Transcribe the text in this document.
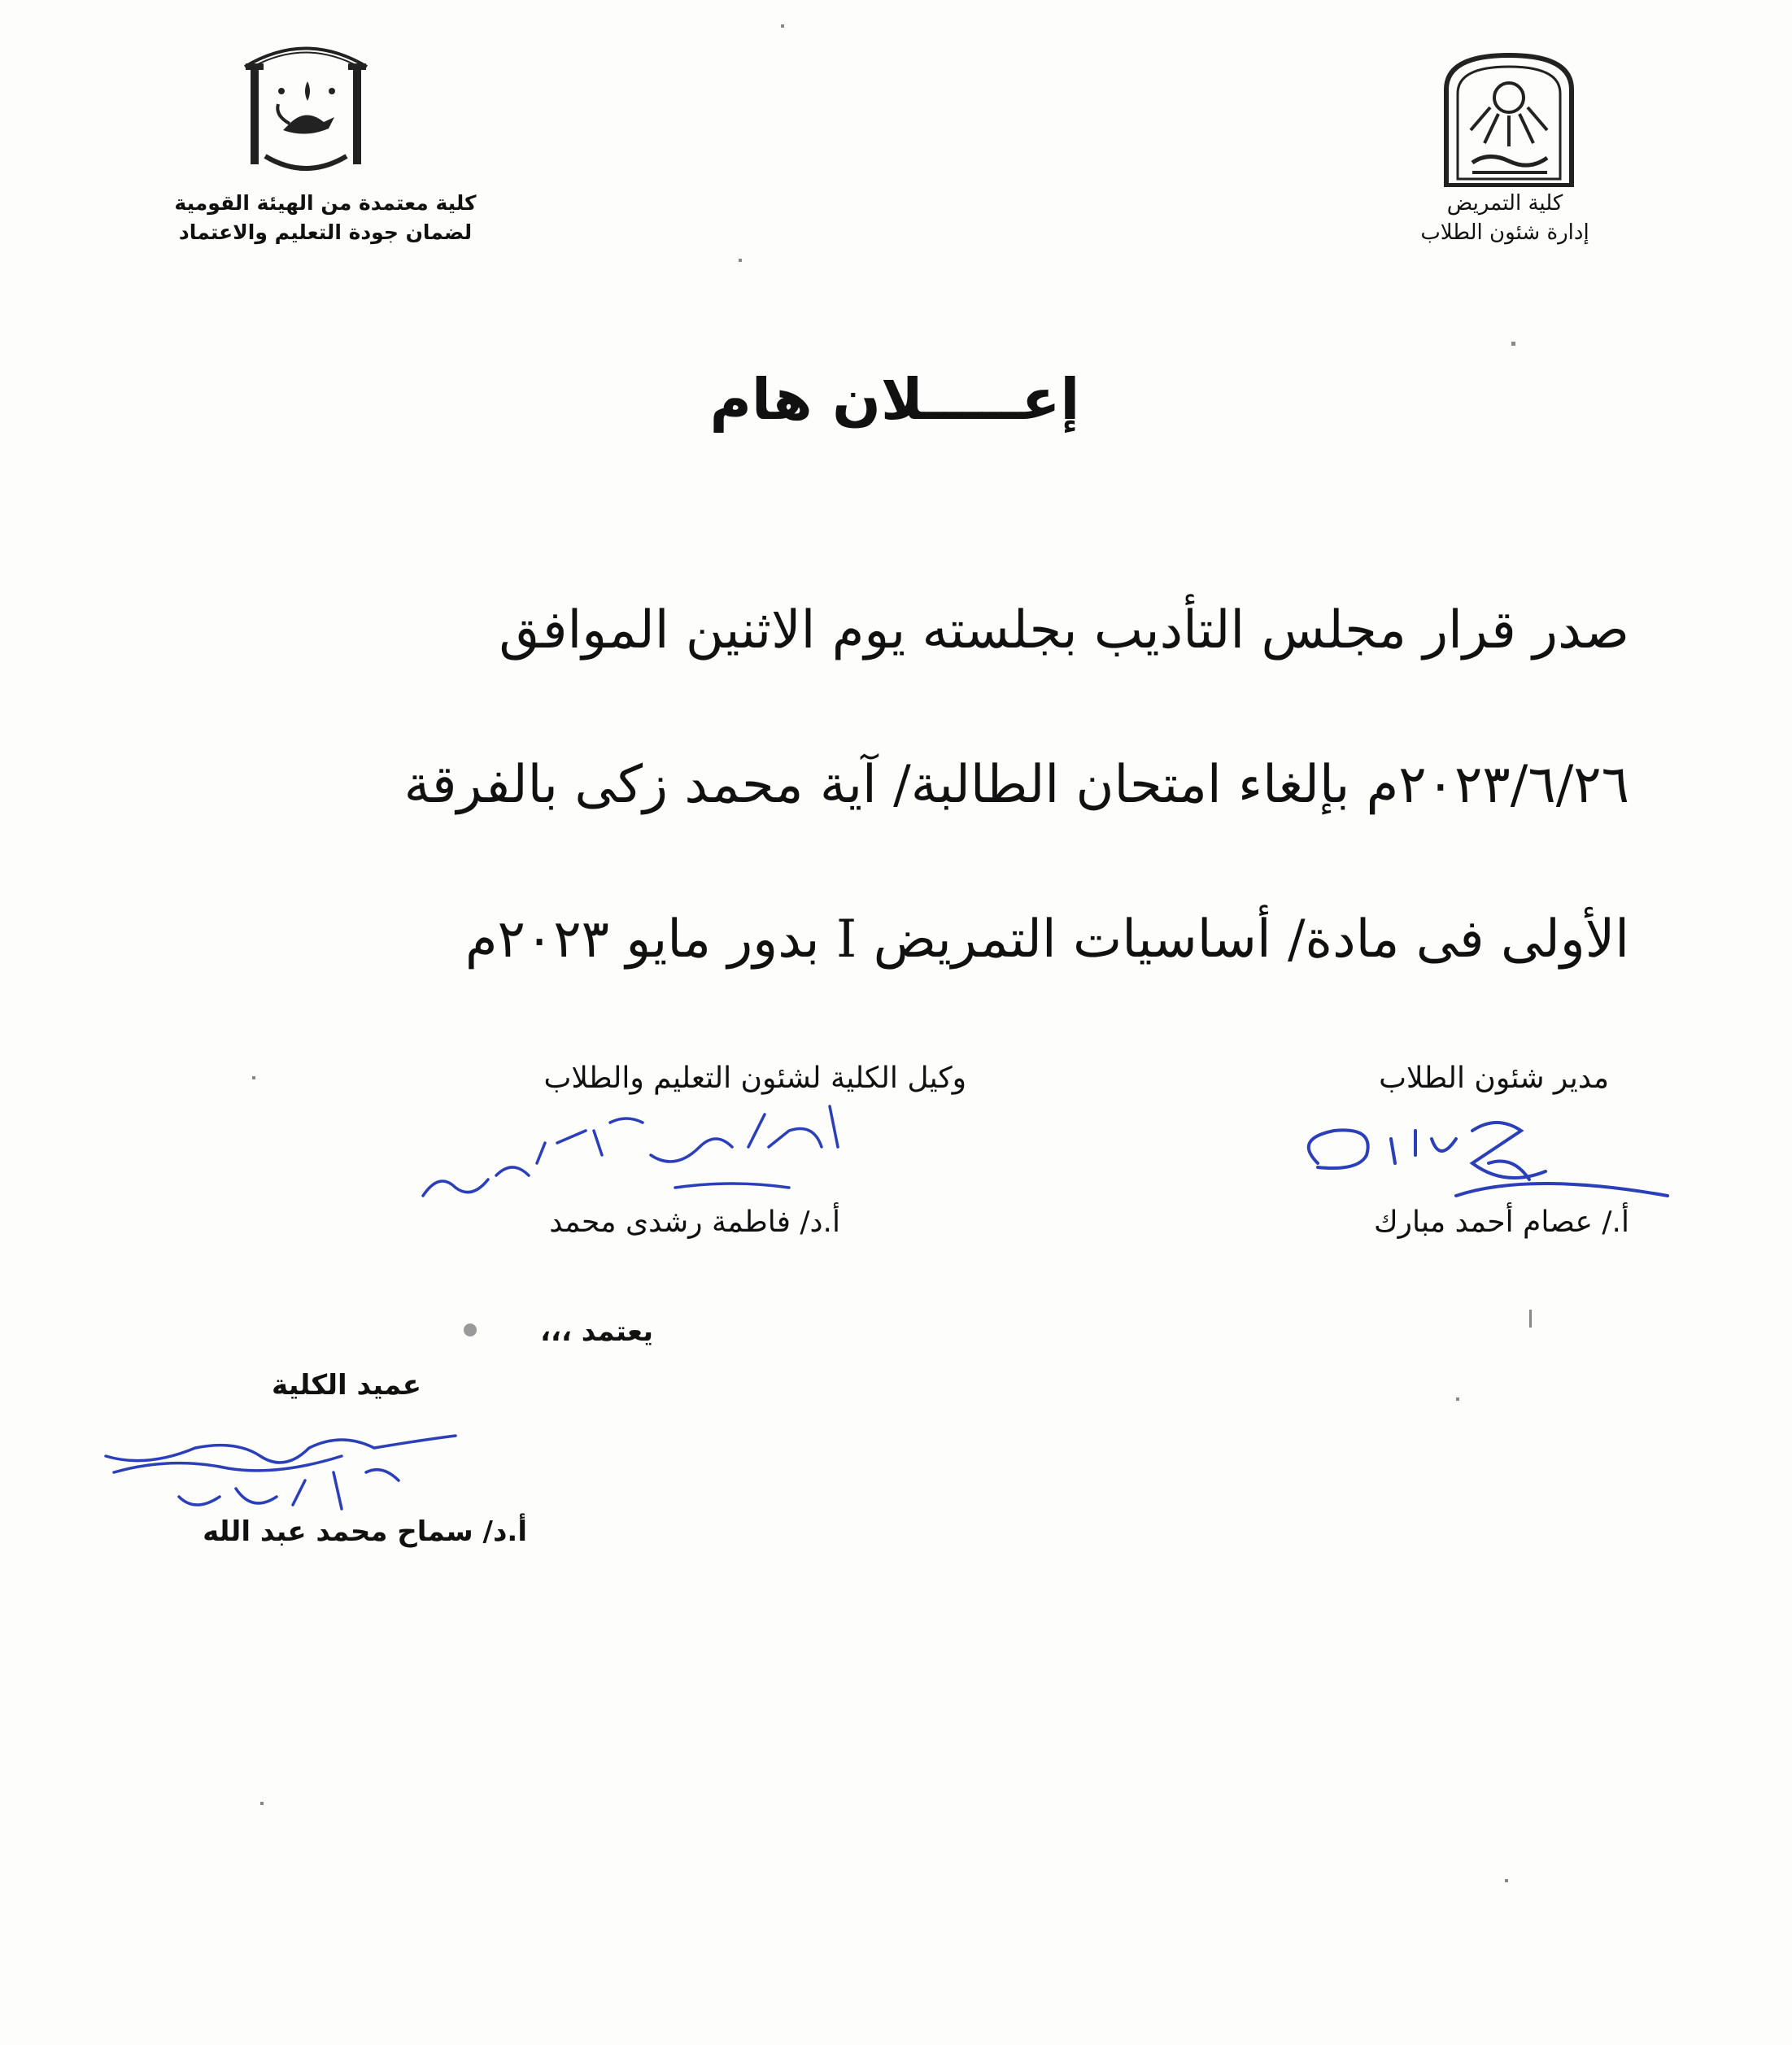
كلية معتمدة من الهيئة القومية
لضمان جودة التعليم والاعتماد
كلية التمريض
إدارة شئون الطلاب
إعـــــلان هام
صدر قرار مجلس التأديب بجلسته يوم الاثنين الموافق
٢٠٢٣/٦/٢٦م بإلغاء امتحان الطالبة/ آية محمد زكى بالفرقة
الأولى فى مادة/ أساسيات التمريض I بدور مايو ٢٠٢٣م
مدير شئون الطلاب
وكيل الكلية لشئون التعليم والطلاب
أ./ عصام أحمد مبارك
أ.د/ فاطمة رشدى محمد
يعتمد ،،،
عميد الكلية
أ.د/ سماح محمد عبد الله
